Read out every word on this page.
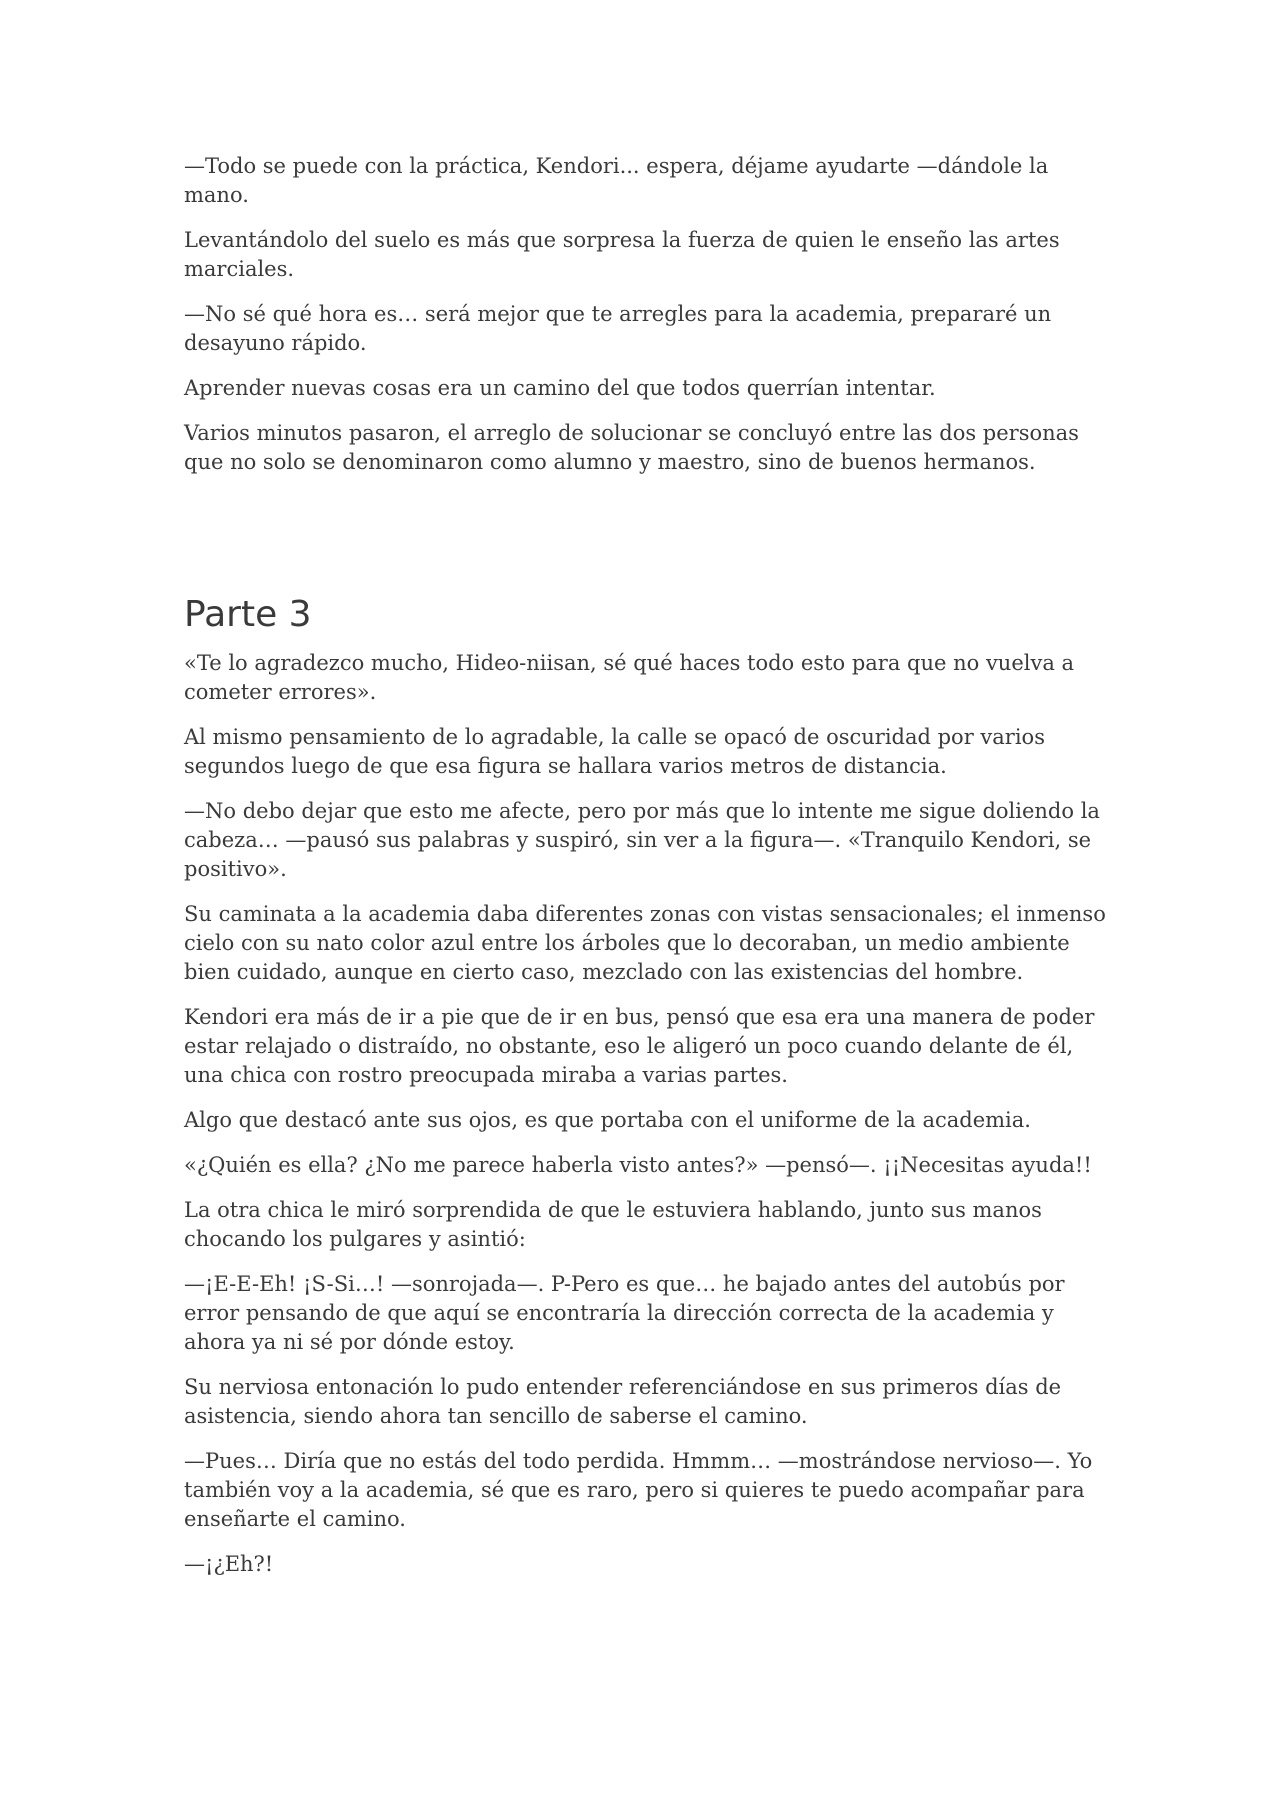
—Todo se puede con la práctica, Kendori... espera, déjame ayudarte —dándole la mano.

Levantándolo del suelo es más que sorpresa la fuerza de quien le enseño las artes marciales.

—No sé qué hora es… será mejor que te arregles para la academia, prepararé un desayuno rápido.

Aprender nuevas cosas era un camino del que todos querrían intentar.

Varios minutos pasaron, el arreglo de solucionar se concluyó entre las dos personas que no solo se denominaron como alumno y maestro, sino de buenos hermanos.

Parte 3

«Te lo agradezco mucho, Hideo-niisan, sé qué haces todo esto para que no vuelva a cometer errores».

Al mismo pensamiento de lo agradable, la calle se opacó de oscuridad por varios segundos luego de que esa figura se hallara varios metros de distancia.

—No debo dejar que esto me afecte, pero por más que lo intente me sigue doliendo la cabeza… —pausó sus palabras y suspiró, sin ver a la figura—. «Tranquilo Kendori, se positivo».

Su caminata a la academia daba diferentes zonas con vistas sensacionales; el inmenso cielo con su nato color azul entre los árboles que lo decoraban, un medio ambiente bien cuidado, aunque en cierto caso, mezclado con las existencias del hombre.

Kendori era más de ir a pie que de ir en bus, pensó que esa era una manera de poder estar relajado o distraído, no obstante, eso le aligeró un poco cuando delante de él, una chica con rostro preocupada miraba a varias partes.

Algo que destacó ante sus ojos, es que portaba con el uniforme de la academia.

«¿Quién es ella? ¿No me parece haberla visto antes?» —pensó—. ¡¡Necesitas ayuda!!

La otra chica le miró sorprendida de que le estuviera hablando, junto sus manos chocando los pulgares y asintió:

—¡E-E-Eh! ¡S-Si…! —sonrojada—. P-Pero es que… he bajado antes del autobús por error pensando de que aquí se encontraría la dirección correcta de la academia y ahora ya ni sé por dónde estoy.

Su nerviosa entonación lo pudo entender referenciándose en sus primeros días de asistencia, siendo ahora tan sencillo de saberse el camino.

—Pues… Diría que no estás del todo perdida. Hmmm… —mostrándose nervioso—. Yo también voy a la academia, sé que es raro, pero si quieres te puedo acompañar para enseñarte el camino.

—¡¿Eh?!
